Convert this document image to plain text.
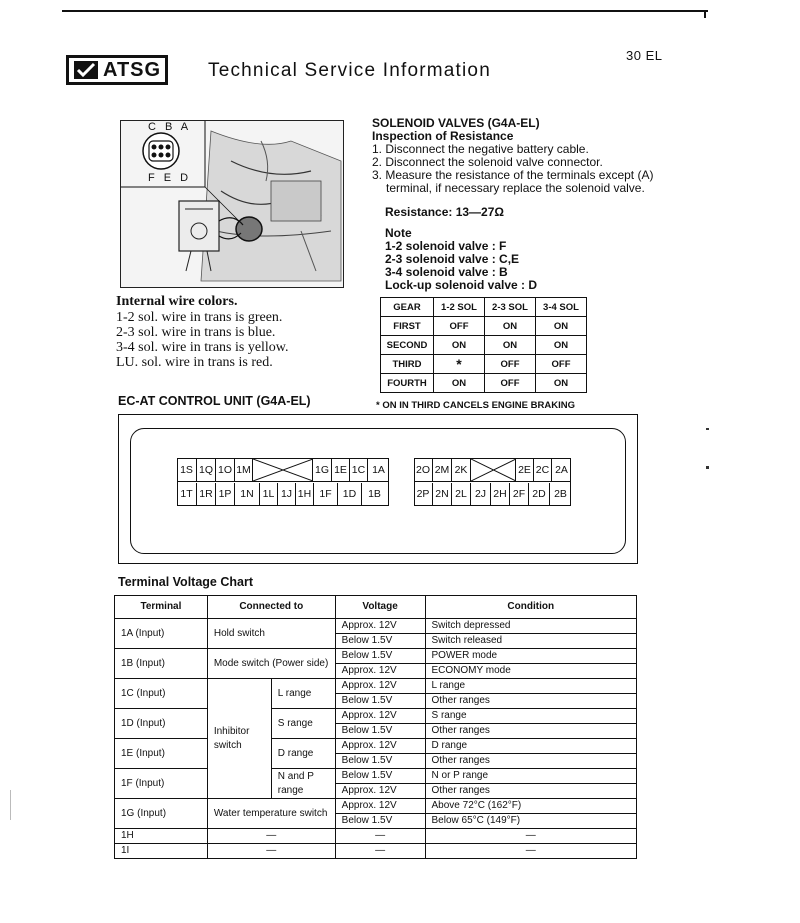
30 EL
ATSG Technical Service Information
C B A
F E D
SOLENOID VALVES (G4A-EL)
Inspection of Resistance
1. Disconnect the negative battery cable.
2. Disconnect the solenoid valve connector.
3. Measure the resistance of the terminals except (A)
terminal, if necessary replace the solenoid valve.
Resistance: 13—27Ω
Note
1-2 solenoid valve : F
2-3 solenoid valve : C,E
3-4 solenoid valve : B
Lock-up solenoid valve : D
Internal wire colors.
1-2 sol. wire in trans is green.
2-3 sol. wire in trans is blue.
3-4 sol. wire in trans is yellow.
LU. sol. wire in trans is red.
GEAR	1-2 SOL	2-3 SOL	3-4 SOL
FIRST	OFF	ON	ON
SECOND	ON	ON	ON
THIRD	*	OFF	OFF
FOURTH	ON	OFF	ON
EC-AT CONTROL UNIT (G4A-EL)	* ON IN THIRD CANCELS ENGINE BRAKING
1S 1Q 1O 1M	1G 1E 1C 1A
1T 1R 1P 1N 1L 1J 1H 1F	1D	1B
2O 2M 2K	2E 2C 2A
2P 2N 2L 2J 2H 2F 2D 2B
Terminal Voltage Chart
Terminal	Connected to		Voltage	Condition
1A (Input)	Hold switch		Approx. 12V	Switch depressed
			Below 1.5V	Switch released
1B (Input)	Mode switch (Power side)		Below 1.5V	POWER mode
			Approx. 12V	ECONOMY mode
1C (Input)	Inhibitor switch	L range	Approx. 12V	L range
			Below 1.5V	Other ranges
1D (Input)		S range	Approx. 12V	S range
			Below 1.5V	Other ranges
1E (Input)		D range	Approx. 12V	D range
			Below 1.5V	Other ranges
1F (Input)		N and P range	Below 1.5V	N or P range
			Approx. 12V	Other ranges
1G (Input)	Water temperature switch		Approx. 12V	Above 72°C (162°F)
			Below 1.5V	Below 65°C (149°F)
1H	—		—	—
1I	—		—	—
